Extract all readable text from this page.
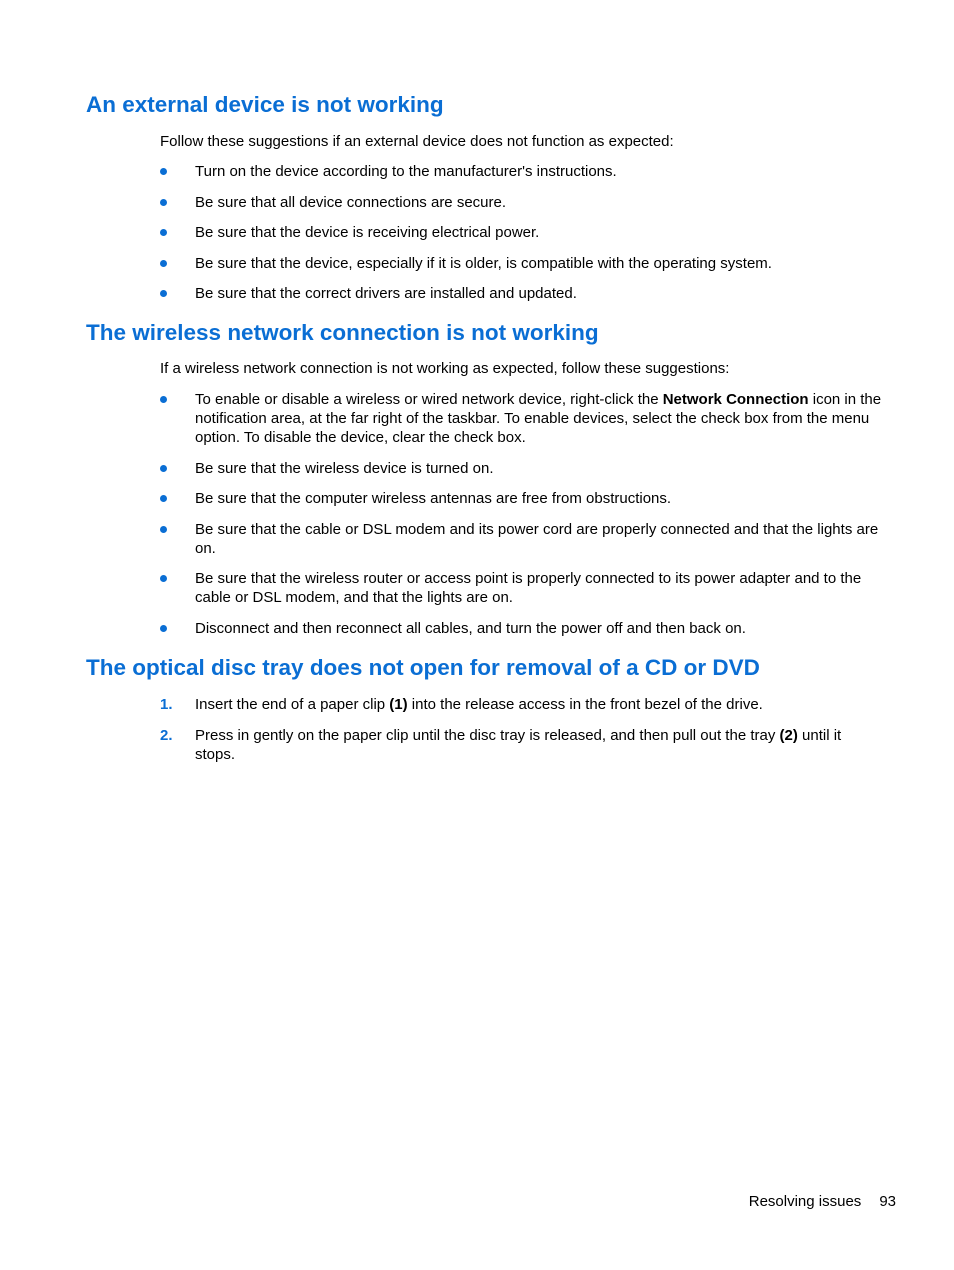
An external device is not working

Follow these suggestions if an external device does not function as expected:

Turn on the device according to the manufacturer's instructions.
Be sure that all device connections are secure.
Be sure that the device is receiving electrical power.
Be sure that the device, especially if it is older, is compatible with the operating system.
Be sure that the correct drivers are installed and updated.
The wireless network connection is not working

If a wireless network connection is not working as expected, follow these suggestions:

To enable or disable a wireless or wired network device, right-click the Network Connection icon in the notification area, at the far right of the taskbar. To enable devices, select the check box from the menu option. To disable the device, clear the check box.
Be sure that the wireless device is turned on.
Be sure that the computer wireless antennas are free from obstructions.
Be sure that the cable or DSL modem and its power cord are properly connected and that the lights are on.
Be sure that the wireless router or access point is properly connected to its power adapter and to the cable or DSL modem, and that the lights are on.
Disconnect and then reconnect all cables, and turn the power off and then back on.
The optical disc tray does not open for removal of a CD or DVD
1. Insert the end of a paper clip (1) into the release access in the front bezel of the drive.
2. Press in gently on the paper clip until the disc tray is released, and then pull out the tray (2) until it stops.
Resolving issues 93
